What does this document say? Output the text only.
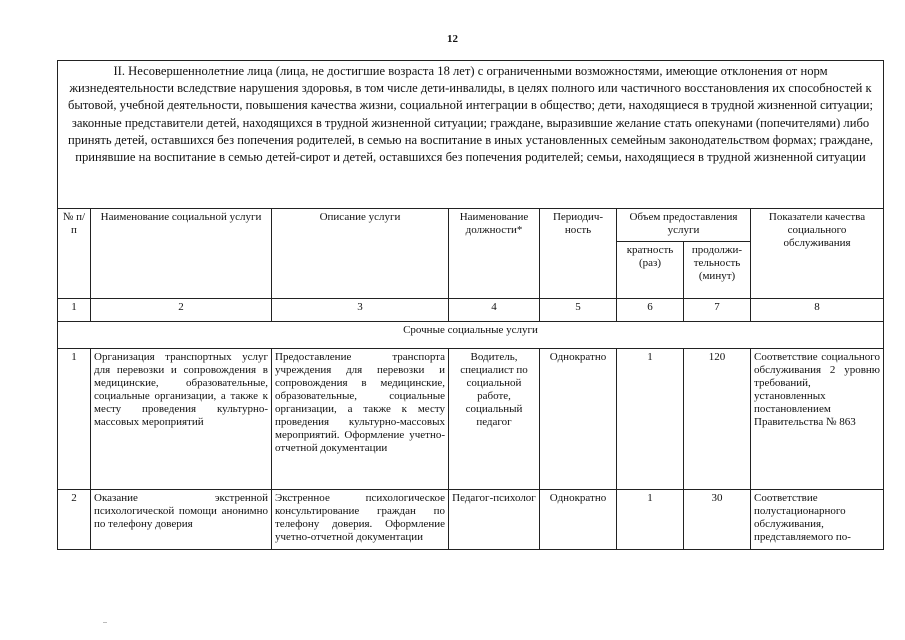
12
II. Несовершеннолетние лица (лица, не достигшие возраста 18 лет) с ограниченными возможностями, имеющие отклонения от норм жизнедеятельности вследствие нарушения здоровья, в том числе дети-инвалиды, в целях полного или частичного восстановления их способностей к бытовой, учебной деятельности, повышения качества жизни, социальной интеграции в общество; дети, находящиеся в трудной жизненной ситуации; законные представители детей, находящихся в трудной жизненной ситуации; граждане, выразившие желание стать опекунами (попечителями) либо принять детей, оставшихся без попечения родителей, в семью на воспитание в иных установленных семейным законодательством формах; граждане, принявшие на воспитание в семью детей-сирот и детей, оставшихся без попечения родителей; семьи, находящиеся в трудной жизненной ситуации							
№ п/п	Наименование социальной услуги	Описание услуги	Наименование должности*	Периодич-ность	Объем предоставления услуги		Показатели качества социального обслуживания
					кратность (раз)	продолжи-тельность (минут)	
1	2	3	4	5	6	7	8
Срочные социальные услуги							
1	Организация транспортных услуг для перевозки и сопровождения в медицинские, образовательные, социальные организации, а также к месту проведения культурно-массовых мероприятий	Предоставление транспорта учреждения для перевозки и сопровождения в медицинские, образовательные, социальные организации, а также к месту проведения культурно-массовых мероприятий. Оформление учетно-отчетной документации	Водитель, специалист по социальной работе, социальный педагог	Однократно	1	120	Соответствие социального обслуживания 2 уровню требований, установленных постановлением Правительства № 863
2	Оказание экстренной психологической помощи анонимно по телефону доверия	Экстренное психологическое консультирование граждан по телефону доверия. Оформление учетно-отчетной документации	Педагог-психолог	Однократно	1	30	Соответствие полустационарного обслуживания, представляемого по-
